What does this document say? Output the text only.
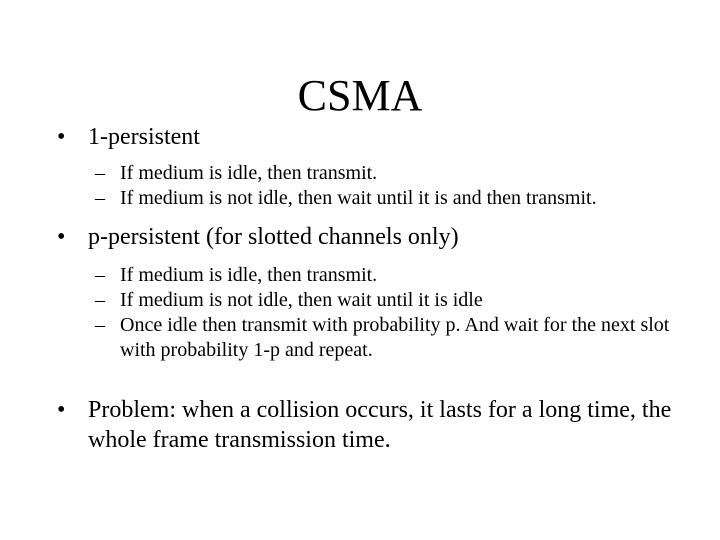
CSMA
• 1-persistent
– If medium is idle, then transmit.
– If medium is not idle, then wait until it is and then transmit.
• p-persistent (for slotted channels only)
– If medium is idle, then transmit.
– If medium is not idle, then wait until it is idle
– Once idle then transmit with probability p. And wait for the next slot with probability 1-p and repeat.
• Problem: when a collision occurs, it lasts for a long time, the whole frame transmission time.
